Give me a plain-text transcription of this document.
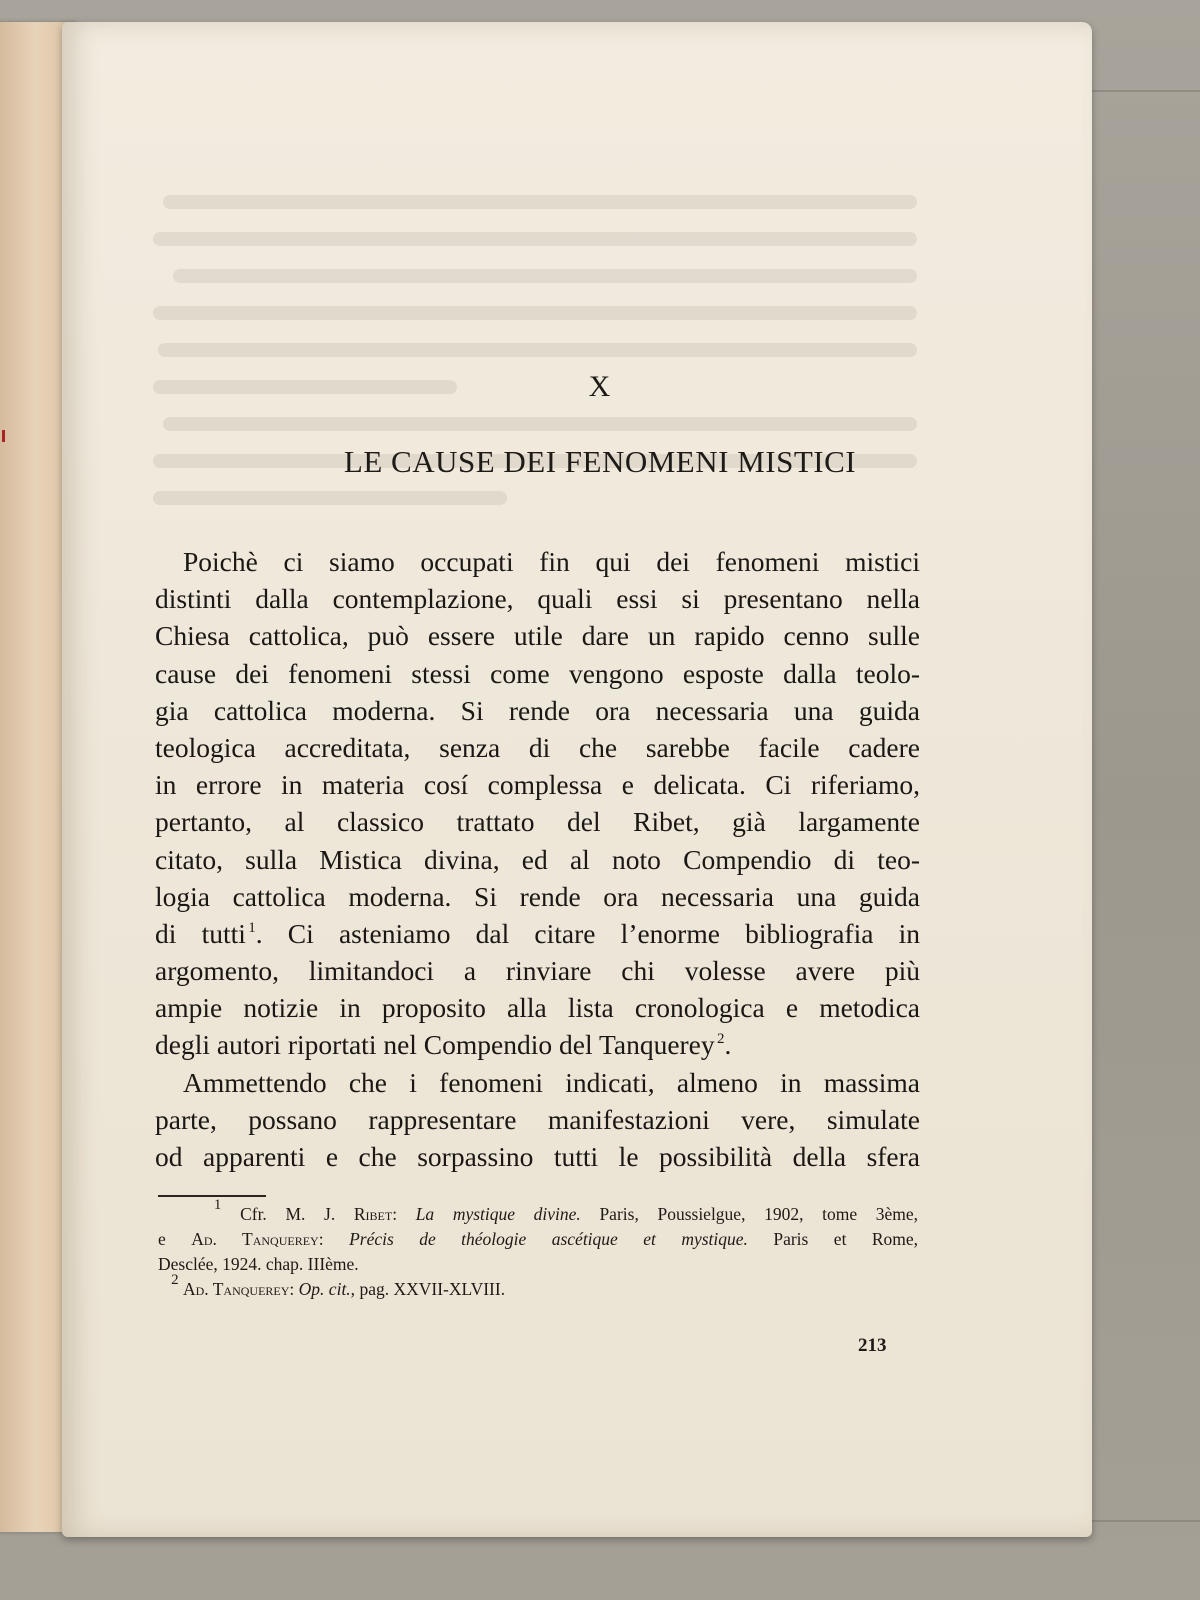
X
LE CAUSE DEI FENOMENI MISTICI
Poichè ci siamo occupati fin qui dei fenomeni mistici
distinti dalla contemplazione, quali essi si presentano nella
Chiesa cattolica, può essere utile dare un rapido cenno sulle
cause dei fenomeni stessi come vengono esposte dalla teolo-
gia cattolica moderna. Si rende ora necessaria una guida
teologica accreditata, senza di che sarebbe facile cadere
in errore in materia cosí complessa e delicata. Ci riferiamo,
pertanto, al classico trattato del Ribet, già largamente
citato, sulla Mistica divina, ed al noto Compendio di teo-
logia cattolica moderna. Si rende ora necessaria una guida
di tutti  $^1$. Ci asteniamo dal citare l’enorme bibliografia in
argomento, limitandoci a rinviare chi volesse avere più
ampie notizie in proposito alla lista cronologica e metodica
degli autori riportati nel Compendio del Tanquerey  $^2$.
Ammettendo che i fenomeni indicati, almeno in massima
parte, possano rappresentare manifestazioni vere, simulate
od apparenti e che sorpassino tutti le possibilità della sfera
$^1$ Cfr. M. J. Ribet: La mystique divine. Paris, Poussielgue, 1902, tome 3ème,
e Ad. Tanquerey: Précis de théologie ascétique et mystique. Paris et Rome,
Desclée, 1924. chap. IIIème.
$^2$ Ad. Tanquerey: Op. cit., pag. XXVII-XLVIII.
213
